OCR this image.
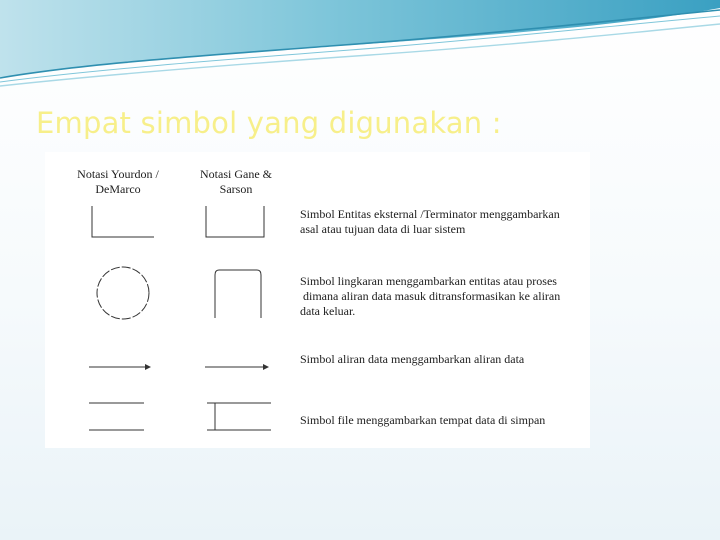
Empat simbol yang digunakan :
Notasi Yourdon /
DeMarco
Notasi Gane &
Sarson
Simbol Entitas eksternal /Terminator menggambarkan
asal atau tujuan data di luar sistem
Simbol lingkaran menggambarkan entitas atau proses
dimana aliran data masuk ditransformasikan ke aliran
data keluar.
Simbol aliran data menggambarkan aliran data
Simbol file menggambarkan tempat data di simpan
